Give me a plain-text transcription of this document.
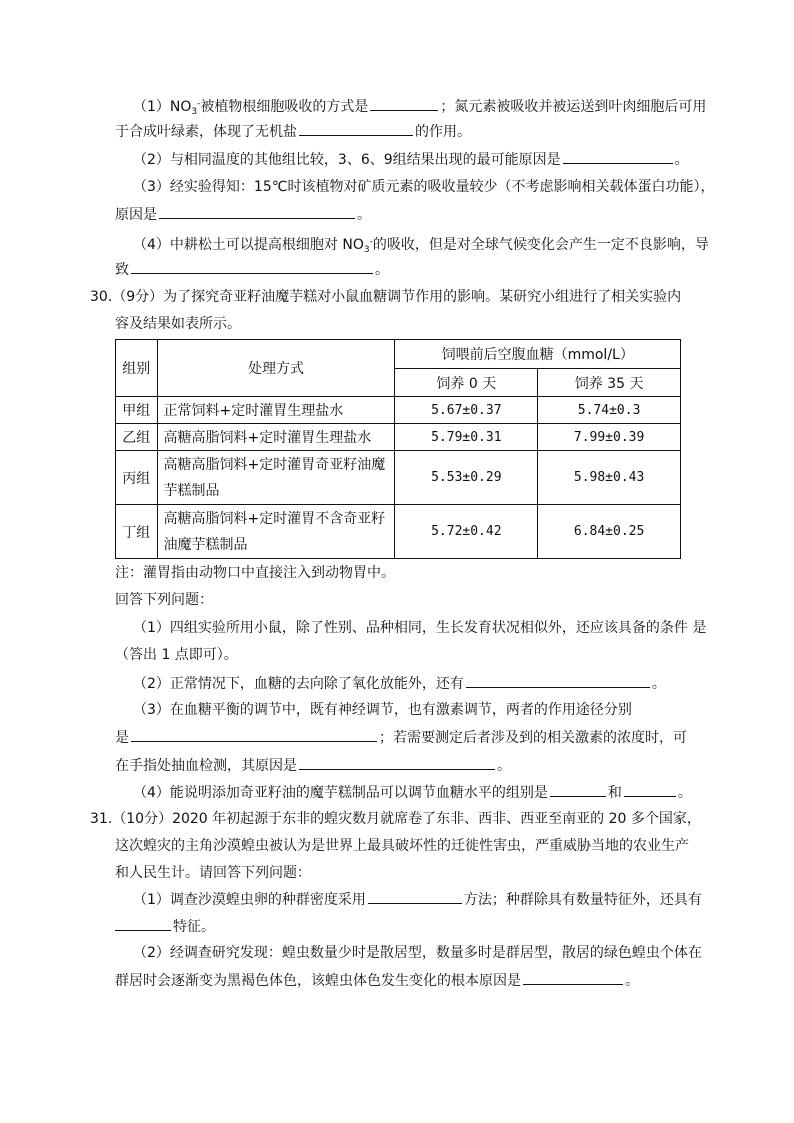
$(1)NO_3^-$被植物根细胞吸收的方式是	；氮元素被吸收并被运送到叶肉细胞后可用
于合成叶绿素，体现了无机盐	的作用。
（2）与相同温度的其他组比较，3、6、9组结果出现的最可能原因是	。
（3）经实验得知：15℃时该植物对矿质元素的吸收量较少（不考虑影响相关载体蛋白功能），
原因是	。
（4）中耕松土可以提高根细胞对 $NO_3^-$的吸收，但是对全球气候变化会产生一定不良影响，导
致	。
30.（9分）为了探究奇亚籽油魔芋糕对小鼠血糖调节作用的影响。某研究小组进行了相关实验内
容及结果如表所示。
组别	处理方式	饲喂前后空腹血糖（mmol/L）	
		饲养 0 天	饲养 35 天
甲组	正常饲料+定时灌胃生理盐水	5.67±0.37	5.74±0.3
乙组	高糖高脂饲料+定时灌胃生理盐水	5.79±0.31	7.99±0.39
丙组	高糖高脂饲料+定时灌胃奇亚籽油魔
芋糕制品	5.53±0.29	5.98±0.43
丁组	高糖高脂饲料+定时灌胃不含奇亚籽
油魔芋糕制品	5.72±0.42	6.84±0.25
注：灌胃指由动物口中直接注入到动物胃中。
回答下列问题：
（1）四组实验所用小鼠，除了性别、品种相同，生长发育状况相似外，还应该具备的条件 是
（答出 1 点即可）。
（2）正常情况下，血糖的去向除了氧化放能外，还有	。
（3）在血糖平衡的调节中，既有神经调节，也有激素调节，两者的作用途径分别
是	；若需要测定后者涉及到的相关激素的浓度时，可
在手指处抽血检测，其原因是	。
（4）能说明添加奇亚籽油的魔芋糕制品可以调节血糖水平的组别是	和	。
31.（10分）2020 年初起源于东非的蝗灾数月就席卷了东非、西非、西亚至南亚的 20 多个国家，
这次蝗灾的主角沙漠蝗虫被认为是世界上最具破坏性的迁徙性害虫，严重威胁当地的农业生产
和人民生计。请回答下列问题：
（1）调查沙漠蝗虫卵的种群密度采用	方法；种群除具有数量特征外，还具有
特征。
（2）经调查研究发现：蝗虫数量少时是散居型，数量多时是群居型，散居的绿色蝗虫个体在
群居时会逐渐变为黑褐色体色，该蝗虫体色发生变化的根本原因是	。
